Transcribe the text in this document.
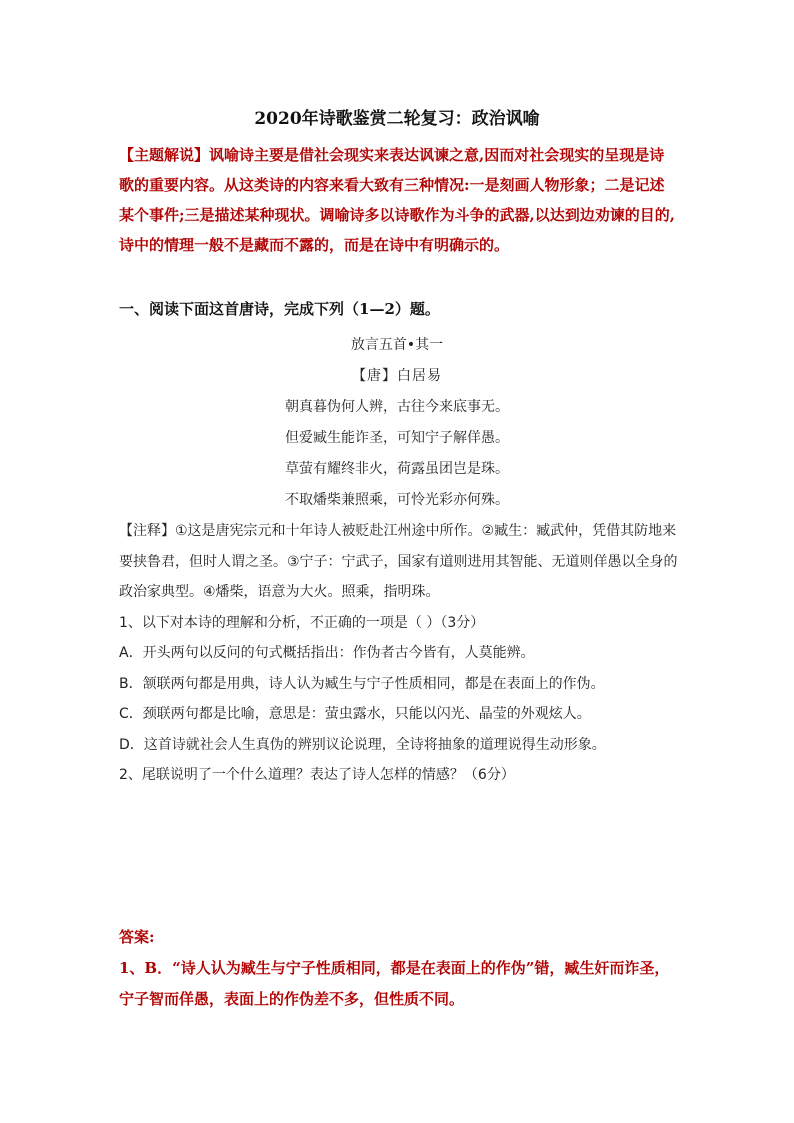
2020年诗歌鉴赏二轮复习：政治讽喻

【主题解说】讽喻诗主要是借社会现实来表达讽谏之意,因而对社会现实的呈现是诗歌的重要内容。从这类诗的内容来看大致有三种情况:一是刻画人物形象；二是记述某个事件;三是描述某种现状。调喻诗多以诗歌作为斗争的武器,以达到边劝谏的目的,诗中的情理一般不是藏而不露的，而是在诗中有明确示的。

一、阅读下面这首唐诗，完成下列（1—2）题。

放言五首•其一
【唐】白居易
朝真暮伪何人辨，古往今来底事无。
但爱臧生能诈圣，可知宁子解佯愚。
草萤有耀终非火，荷露虽团岂是珠。
不取燔柴兼照乘，可怜光彩亦何殊。
【注释】①这是唐宪宗元和十年诗人被贬赴江州途中所作。②臧生：臧武仲，凭借其防地来要挟鲁君，但时人谓之圣。③宁子：宁武子，国家有道则进用其智能、无道则佯愚以全身的政治家典型。④燔柴，语意为大火。照乘，指明珠。
1、以下对本诗的理解和分析，不正确的一项是（ ）（3分）
A．开头两句以反问的句式概括指出：作伪者古今皆有，人莫能辨。
B．颔联两句都是用典，诗人认为臧生与宁子性质相同，都是在表面上的作伪。
C．颈联两句都是比喻，意思是：萤虫露水，只能以闪光、晶莹的外观炫人。
D．这首诗就社会人生真伪的辨别议论说理，全诗将抽象的道理说得生动形象。
2、尾联说明了一个什么道理？表达了诗人怎样的情感？（6分）
答案:
1、B．“诗人认为臧生与宁子性质相同，都是在表面上的作伪”错，臧生奸而诈圣，宁子智而佯愚，表面上的作伪差不多，但性质不同。
